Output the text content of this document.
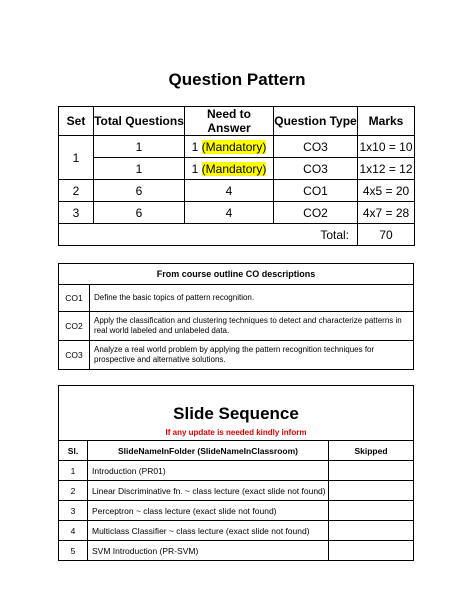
Question Pattern
Set	Total Questions	Need to Answer	Question Type	Marks
1	1	1 (Mandatory)	CO3	1x10 = 10
	1	1 (Mandatory)	CO3	1x12 = 12
2	6	4	CO1	4x5 = 20
3	6	4	CO2	4x7 = 28
Total:				70
From course outline CO descriptions	
CO1	Define the basic topics of pattern recognition.
CO2	Apply the classification and clustering techniques to detect and characterize patterns in real world labeled and unlabeled data.
CO3	Analyze a real world problem by applying the pattern recognition techniques for prospective and alternative solutions.
Slide Sequence
If any update is needed kindly inform		

Sl.	SlideNameInFolder (SlideNameInClassroom)	Skipped
1	Introduction (PR01)	
2	Linear Discriminative fn. ~ class lecture (exact slide not found)	
3	Perceptron ~ class lecture (exact slide not found)	
4	Multiclass Classifier ~ class lecture (exact slide not found)	
5	SVM Introduction (PR-SVM)	
